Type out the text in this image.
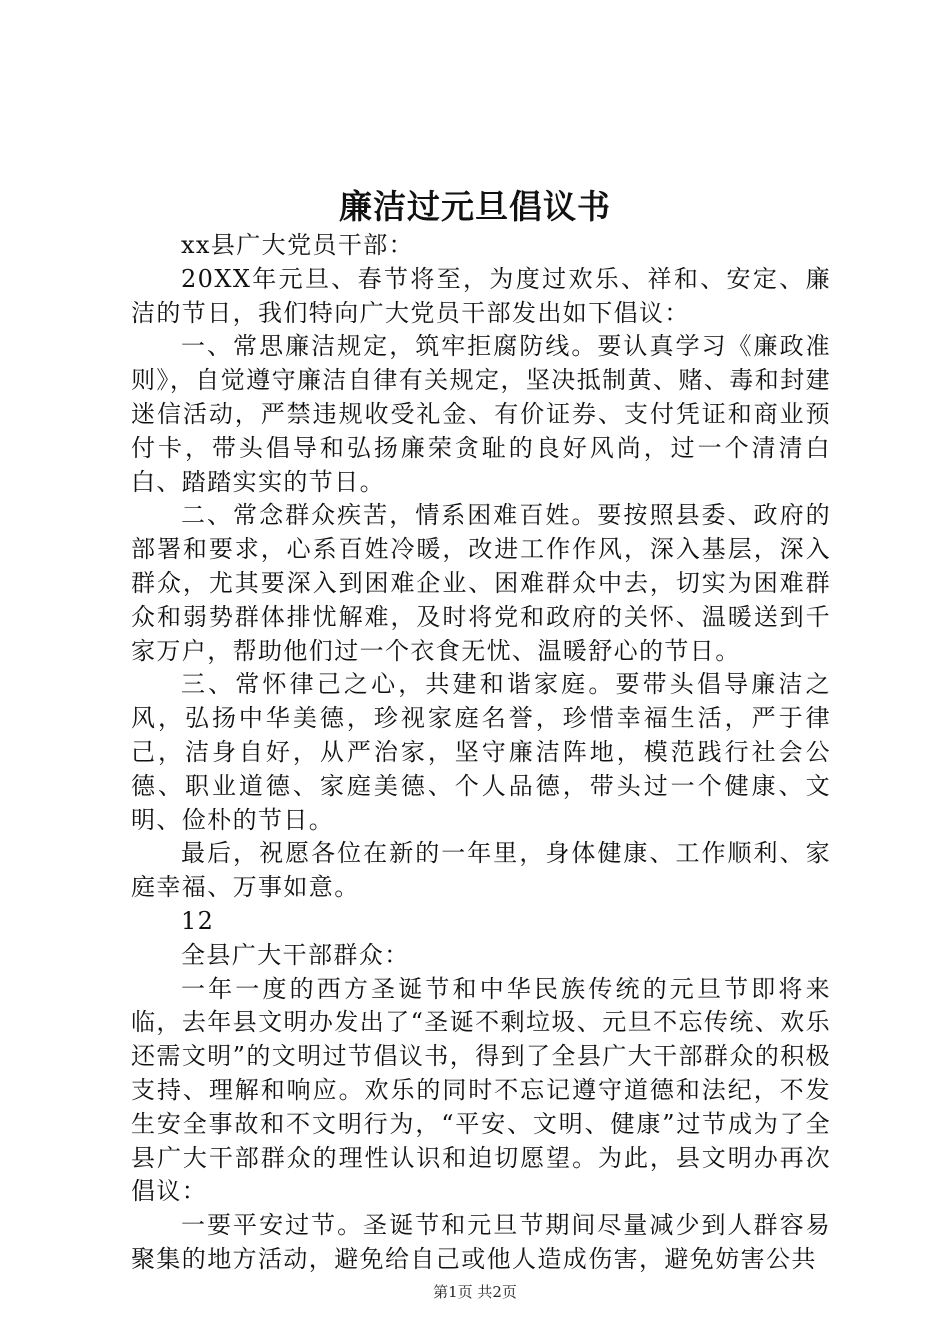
廉洁过元旦倡议书

xx县广大党员干部：

20XX年元旦、春节将至，为度过欢乐、祥和、安定、廉洁的节日，我们特向广大党员干部发出如下倡议：

一、常思廉洁规定，筑牢拒腐防线。要认真学习《廉政准则》，自觉遵守廉洁自律有关规定，坚决抵制黄、赌、毒和封建迷信活动，严禁违规收受礼金、有价证券、支付凭证和商业预付卡，带头倡导和弘扬廉荣贪耻的良好风尚，过一个清清白白、踏踏实实的节日。

二、常念群众疾苦，情系困难百姓。要按照县委、政府的部署和要求，心系百姓冷暖，改进工作作风，深入基层，深入群众，尤其要深入到困难企业、困难群众中去，切实为困难群众和弱势群体排忧解难，及时将党和政府的关怀、温暖送到千家万户，帮助他们过一个衣食无忧、温暖舒心的节日。

三、常怀律己之心，共建和谐家庭。要带头倡导廉洁之风，弘扬中华美德，珍视家庭名誉，珍惜幸福生活，严于律己，洁身自好，从严治家，坚守廉洁阵地，模范践行社会公德、职业道德、家庭美德、个人品德，带头过一个健康、文明、俭朴的节日。

最后，祝愿各位在新的一年里，身体健康、工作顺利、家庭幸福、万事如意。

12

全县广大干部群众：

一年一度的西方圣诞节和中华民族传统的元旦节即将来临，去年县文明办发出了“圣诞不剩垃圾、元旦不忘传统、欢乐还需文明”的文明过节倡议书，得到了全县广大干部群众的积极支持、理解和响应。欢乐的同时不忘记遵守道德和法纪，不发生安全事故和不文明行为，“平安、文明、健康”过节成为了全县广大干部群众的理性认识和迫切愿望。为此，县文明办再次倡议：

一要平安过节。圣诞节和元旦节期间尽量减少到人群容易聚集的地方活动，避免给自己或他人造成伤害，避免妨害公共

第1页 共2页
